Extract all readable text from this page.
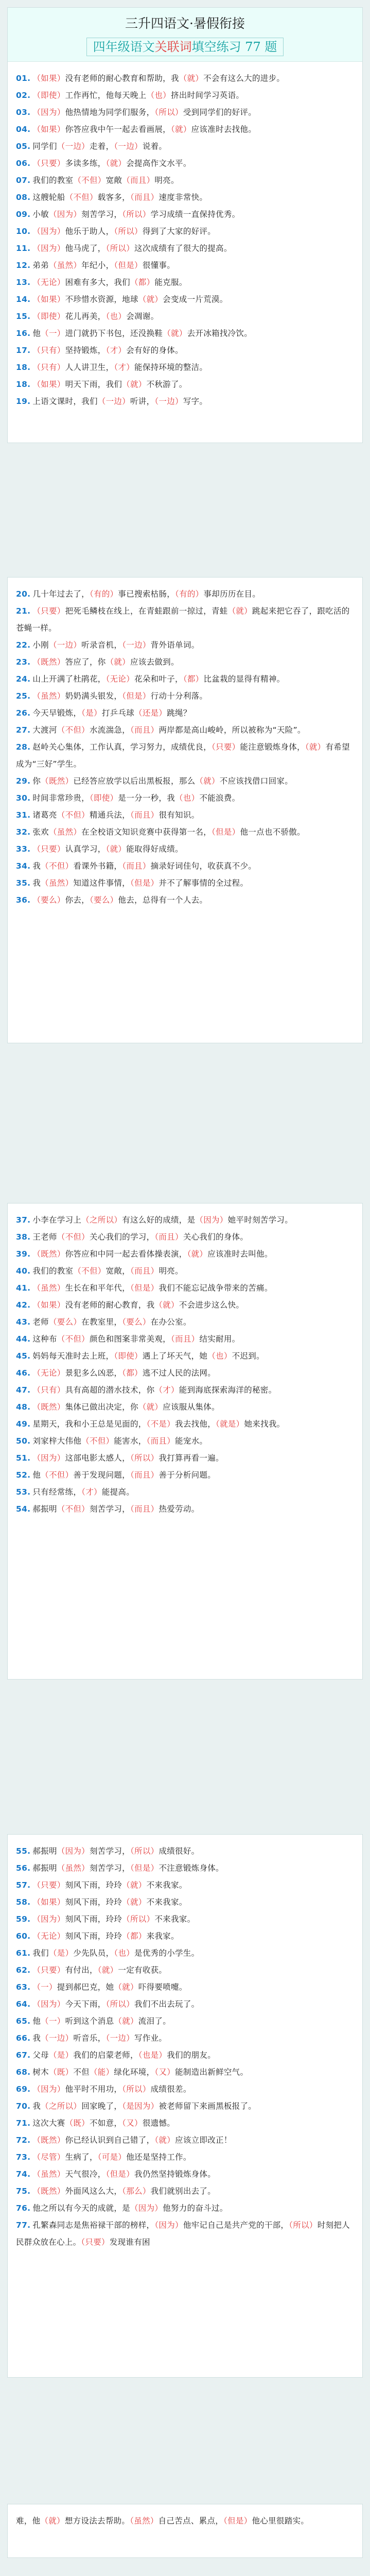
三升四语文·暑假衔接
四年级语文关联词填空练习 77 题
01. （如果）没有老师的耐心教育和帮助，我（就）不会有这么大的进步。
02. （即使）工作再忙，他每天晚上（也）挤出时间学习英语。
03. （因为）他热情地为同学们服务，（所以）受到同学们的好评。
04. （如果）你答应我中午一起去看画展，（就）应该准时去找他。
05. 同学们（一边）走着，（一边）说着。
06. （只要）多读多练，（就）会提高作文水平。
07. 我们的教室（不但）宽敞（而且）明亮。
08. 这艘轮船（不但）载客多，（而且）速度非常快。
09. 小敏（因为）刻苦学习，（所以）学习成绩一直保持优秀。
10. （因为）他乐于助人，（所以）得到了大家的好评。
11. （因为）他马虎了，（所以）这次成绩有了很大的提高。
12. 弟弟（虽然）年纪小，（但是）很懂事。
13. （无论）困难有多大，我们（都）能克服。
14. （如果）不珍惜水资源，地球（就）会变成一片荒漠。
15. （即使）花儿再美，（也）会凋谢。
16. 他（一）进门就扔下书包，还没换鞋（就）去开冰箱找冷饮。
17. （只有）坚持锻炼，（才）会有好的身体。
18. （只有）人人讲卫生，（才）能保持环境的整洁。
18. （如果）明天下雨，我们（就）不秋游了。
19. 上语文课时，我们（一边）听讲，（一边）写字。
20. 几十年过去了，（有的）事已搜索枯肠，（有的）事却历历在目。
21. （只要）把死毛鳞枝在线上，在青蛙跟前一掠过，青蛙（就）跳起来把它吞了，跟吃活的苍蝇一样。
22. 小刚（一边）听录音机，（一边）背外语单词。
23. （既然）答应了，你（就）应该去做到。
24. 山上开满了杜鹃花，（无论）花朵和叶子，（都）比盆栽的显得有精神。
25. （虽然）奶奶满头银发，（但是）行动十分利落。
26. 今天早锻炼，（是）打乒乓球（还是）跳绳？
27. 大渡河（不但）水流湍急，（而且）两岸都是高山峻岭，所以被称为“天险”。
28. 赵岭关心集体，工作认真，学习努力，成绩优良，（只要）能注意锻炼身体，（就）有希望成为“三好”学生。
29. 你（既然）已经答应放学以后出黑板报，那么（就）不应该找借口回家。
30. 时间非常珍贵，（即使）是一分一秒，我（也）不能浪费。
31. 诸葛亮（不但）精通兵法，（而且）很有知识。
32. 张欢（虽然）在全校语文知识竞赛中获得第一名，（但是）他一点也不骄傲。
33. （只要）认真学习，（就）能取得好成绩。
34. 我（不但）看课外书籍，（而且）摘录好词佳句，收获真不少。
35. 我（虽然）知道这件事情，（但是）并不了解事情的全过程。
36. （要么）你去，（要么）他去，总得有一个人去。
37. 小李在学习上（之所以）有这么好的成绩，是（因为）她平时刻苦学习。
38. 王老师（不但）关心我们的学习，（而且）关心我们的身体。
39. （既然）你答应和中同一起去看体操表演，（就）应该准时去叫他。
40. 我们的教室（不但）宽敞，（而且）明亮。
41. （虽然）生长在和平年代，（但是）我们不能忘记战争带来的苦痛。
42. （如果）没有老师的耐心教育，我（就）不会进步这么快。
43. 老师（要么）在教室里，（要么）在办公室。
44. 这种布（不但）颜色和图案非常美观，（而且）结实耐用。
45. 妈妈每天准时去上班，（即使）遇上了坏天气，她（也）不迟到。
46. （无论）景犯多么凶恶，（都）逃不过人民的法网。
47. （只有）具有高超的潜水技术，你（才）能到海底探索海洋的秘密。
48. （既然）集体已做出决定，你（就）应该服从集体。
49. 星期天，我和小王总是见面的，（不是）我去找他，（就是）她来找我。
50. 刘家梓大伟他（不但）能害水，（而且）能宠水。
51. （因为）这部电影太感人，（所以）我打算再看一遍。
52. 他（不但）善于发现问题，（而且）善于分析问题。
53. 只有经常练，（才）能提高。
54. 郝振明（不但）刻苦学习，（而且）热爱劳动。
55. 郝振明（因为）刻苦学习，（所以）成绩很好。
56. 郝振明（虽然）刻苦学习，（但是）不注意锻炼身体。
57. （只要）刻风下雨，玲玲（就）不来我家。
58. （如果）刻风下雨，玲玲（就）不来我家。
59. （因为）刻风下雨，玲玲（所以）不来我家。
60. （无论）刻风下雨，玲玲（都）来我家。
61. 我们（是）少先队员，（也）是优秀的小学生。
62. （只要）有付出，（就）一定有收获。
63. （一）提到郝巴克，她（就）吓得要喷嚏。
64. （因为）今天下雨，（所以）我们不出去玩了。
65. 他（一）听到这个消息（就）流泪了。
66. 我（一边）听音乐，（一边）写作业。
67. 父母（是）我们的启蒙老师，（也是）我们的朋友。
68. 树木（既）不但（能）绿化环境，（又）能制造出新鲜空气。
69. （因为）他平时不用功，（所以）成绩很差。
70. 我（之所以）回家晚了，（是因为）被老师留下来画黑板报了。
71. 这次大赛（既）不如意，（又）很遗憾。
72. （既然）你已经认识到自己错了，（就）应该立即改正！
73. （尽管）生病了，（可是）他还是坚持工作。
74. （虽然）天气很冷，（但是）我仍然坚持锻炼身体。
75. （既然）外面风这么大，（那么）我们就别出去了。
76. 他之所以有今天的成就，是（因为）他努力的奋斗过。
77. 孔繁森同志是焦裕禄干部的榜样，（因为）他牢记自己是共产党的干部，（所以）时刻把人民群众放在心上。（只要）发现谁有困
难，他（就）想方设法去帮助。（虽然）自己苦点、累点，（但是）他心里很踏实。
